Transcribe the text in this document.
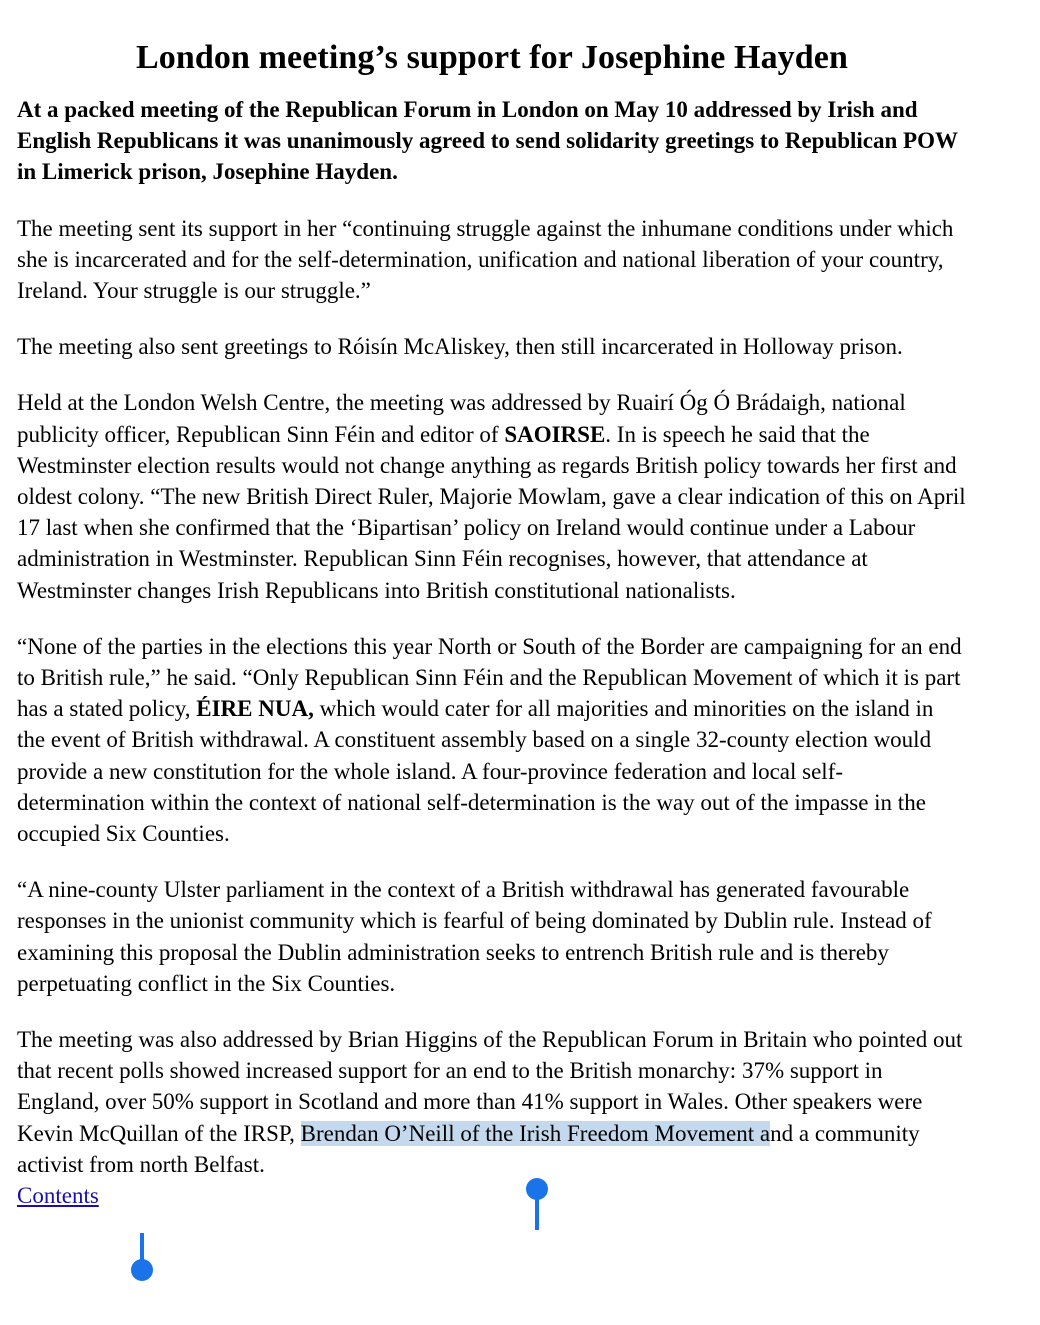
London meeting’s support for Josephine Hayden

At a packed meeting of the Republican Forum in London on May 10 addressed by Irish and English Republicans it was unanimously agreed to send solidarity greetings to Republican POW in Limerick prison, Josephine Hayden.

The meeting sent its support in her “continuing struggle against the inhumane conditions under which she is incarcerated and for the self-determination, unification and national liberation of your country, Ireland. Your struggle is our struggle.”

The meeting also sent greetings to Róisín McAliskey, then still incarcerated in Holloway prison.

Held at the London Welsh Centre, the meeting was addressed by Ruairí Óg Ó Brádaigh, national publicity officer, Republican Sinn Féin and editor of SAOIRSE. In is speech he said that the Westminster election results would not change anything as regards British policy towards her first and oldest colony. “The new British Direct Ruler, Majorie Mowlam, gave a clear indication of this on April 17 last when she confirmed that the ‘Bipartisan’ policy on Ireland would continue under a Labour administration in Westminster. Republican Sinn Féin recognises, however, that attendance at Westminster changes Irish Republicans into British constitutional nationalists.

“None of the parties in the elections this year North or South of the Border are campaigning for an end to British rule,” he said. “Only Republican Sinn Féin and the Republican Movement of which it is part has a stated policy, ÉIRE NUA, which would cater for all majorities and minorities on the island in the event of British withdrawal. A constituent assembly based on a single 32-county election would provide a new constitution for the whole island. A four-province federation and local self-determination within the context of national self-determination is the way out of the impasse in the occupied Six Counties.

“A nine-county Ulster parliament in the context of a British withdrawal has generated favourable responses in the unionist community which is fearful of being dominated by Dublin rule. Instead of examining this proposal the Dublin administration seeks to entrench British rule and is thereby perpetuating conflict in the Six Counties.

The meeting was also addressed by Brian Higgins of the Republican Forum in Britain who pointed out that recent polls showed increased support for an end to the British monarchy: 37% support in England, over 50% support in Scotland and more than 41% support in Wales. Other speakers were Kevin McQuillan of the IRSP, Brendan O’Neill of the Irish Freedom Movement and a community activist from north Belfast.

Contents
